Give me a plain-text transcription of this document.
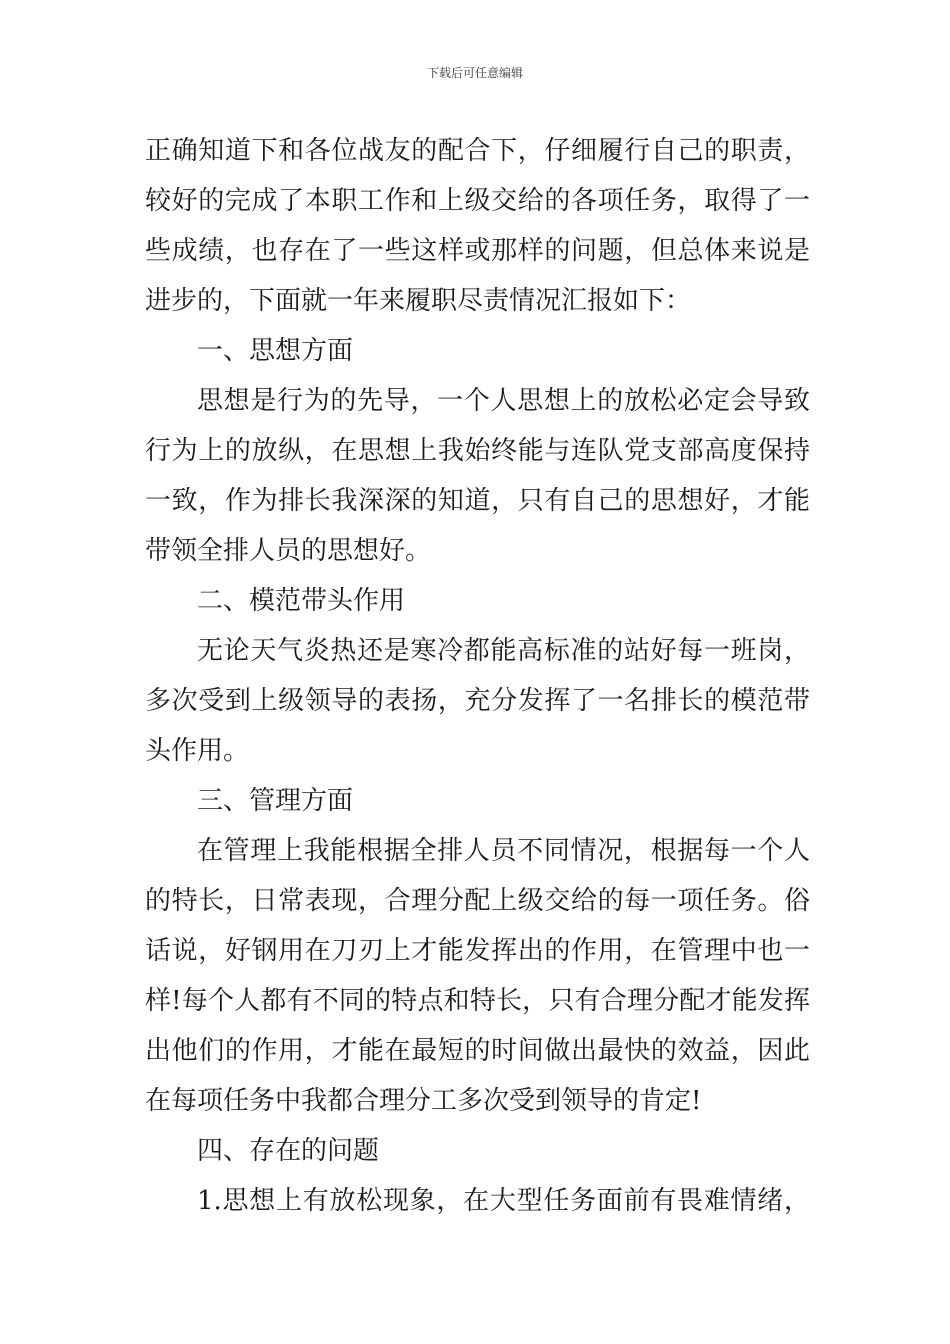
下载后可任意编辑
正确知道下和各位战友的配合下，仔细履行自己的职责，
较好的完成了本职工作和上级交给的各项任务，取得了一
些成绩，也存在了一些这样或那样的问题，但总体来说是
进步的，下面就一年来履职尽责情况汇报如下：
一、思想方面
思想是行为的先导，一个人思想上的放松必定会导致
行为上的放纵，在思想上我始终能与连队党支部高度保持
一致，作为排长我深深的知道，只有自己的思想好，才能
带领全排人员的思想好。
二、模范带头作用
无论天气炎热还是寒冷都能高标准的站好每一班岗，
多次受到上级领导的表扬，充分发挥了一名排长的模范带
头作用。
三、管理方面
在管理上我能根据全排人员不同情况，根据每一个人
的特长，日常表现，合理分配上级交给的每一项任务。俗
话说，好钢用在刀刃上才能发挥出的作用，在管理中也一
样!每个人都有不同的特点和特长，只有合理分配才能发挥
出他们的作用，才能在最短的时间做出最快的效益，因此
在每项任务中我都合理分工多次受到领导的肯定!
四、存在的问题
1.思想上有放松现象，在大型任务面前有畏难情绪，
